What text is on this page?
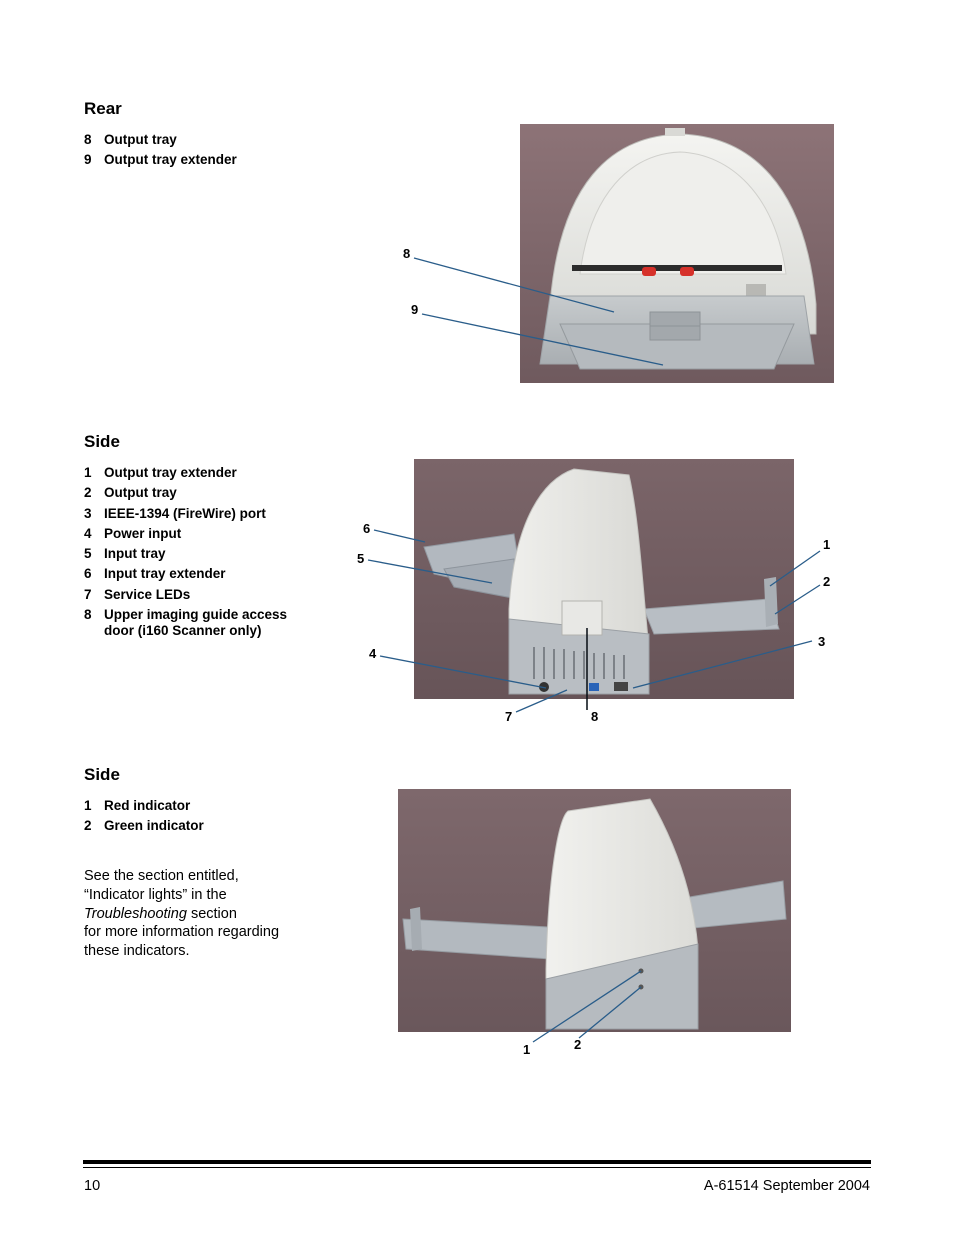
Rear
8 Output tray
9 Output tray extender
8
9
Side
1 Output tray extender
2 Output tray
3 IEEE-1394 (FireWire) port
4 Power input
5 Input tray
6 Input tray extender
7 Service LEDs
8 Upper imaging guide access door (i160 Scanner only)
6
5
4
7	8
1
2
3
Side
1 Red indicator
2 Green indicator

See the section entitled,
“Indicator lights” in the
Troubleshooting section
for more information regarding
these indicators.

1	2
10	A-61514 September 2004
